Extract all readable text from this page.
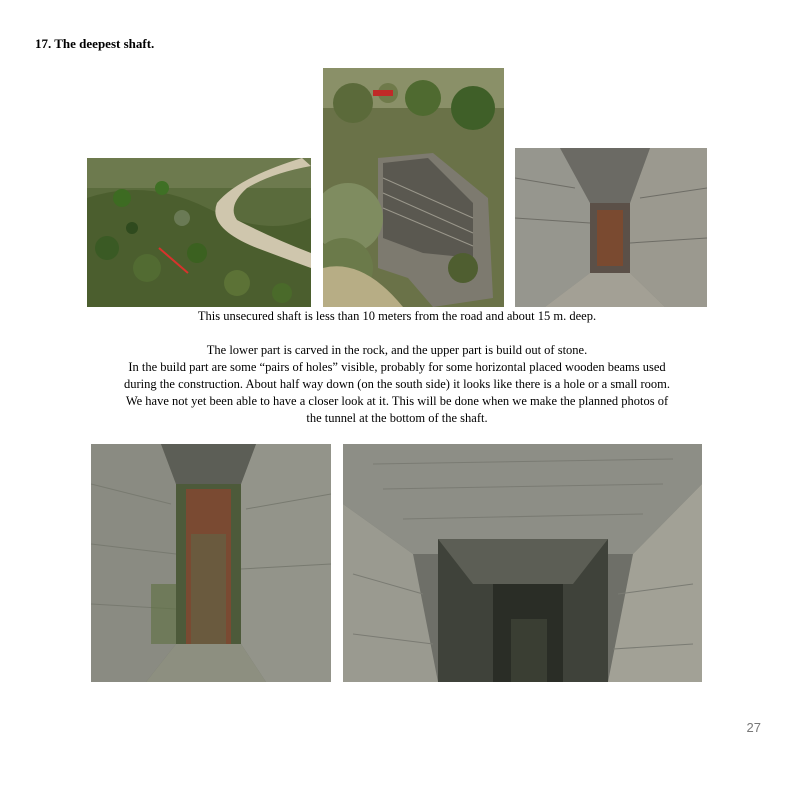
17. The deepest shaft.
This unsecured shaft is less than 10 meters from the road and about 15 m. deep.
The lower part is carved in the rock, and the upper part is build out of stone.
In the build part are some “pairs of holes” visible, probably for some horizontal placed wooden beams used
during the construction. About half way down (on the south side) it looks like there is a hole or a small room.
We have not yet been able to have a closer look at it. This will be done when we make the planned photos of
the tunnel at the bottom of the shaft.
27
